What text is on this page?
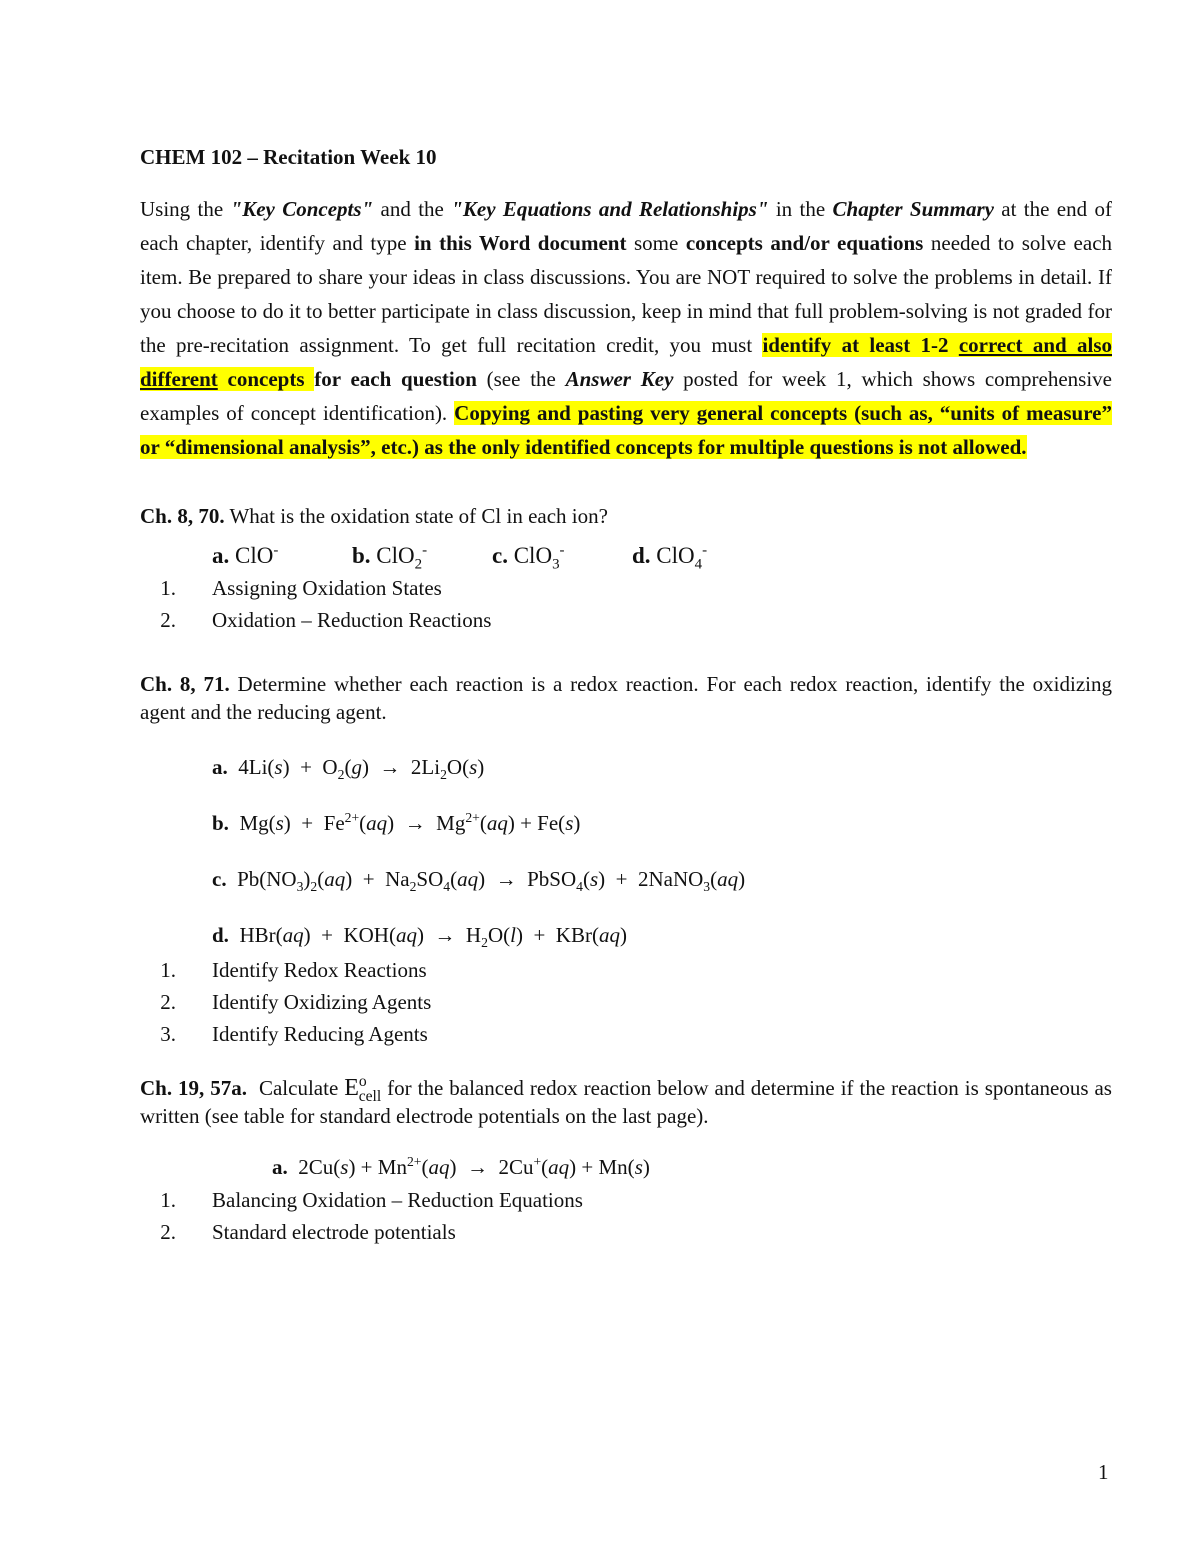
CHEM 102 – Recitation Week 10

Using the "Key Concepts" and the "Key Equations and Relationships" in the Chapter Summary at the end of each chapter, identify and type in this Word document some concepts and/or equations needed to solve each item. Be prepared to share your ideas in class discussions. You are NOT required to solve the problems in detail. If you choose to do it to better participate in class discussion, keep in mind that full problem-solving is not graded for the pre-recitation assignment. To get full recitation credit, you must identify at least 1-2 correct and also different concepts for each question (see the Answer Key posted for week 1, which shows comprehensive examples of concept identification). Copying and pasting very general concepts (such as, “units of measure” or “dimensional analysis”, etc.) as the only identified concepts for multiple questions is not allowed.

Ch. 8, 70. What is the oxidation state of Cl in each ion?

a. ClO-	b. ClO$_2$-	c. ClO$_3$-	d. ClO$_4$-
1.	Assigning Oxidation States
2.	Oxidation – Reduction Reactions

Ch. 8, 71. Determine whether each reaction is a redox reaction. For each redox reaction, identify the oxidizing agent and the reducing agent.

a.  $4Li(s) + O_2(g) \to 2Li_2O(s)$
b.  $Mg(s) + Fe^{2+}(aq) \to Mg^{2+}(aq) + Fe(s)$
c.  $Pb(NO_3)_2(aq) + Na_2SO_4(aq)$  →  PbSO$_4$(s)  +  2NaNO$_3$(aq)
d.  $HBr(aq) + KOH(aq) \to H_2O(l) + KBr(aq)$
1.	Identify Redox Reactions
2.	Identify Oxidizing Agents
3.	Identify Reducing Agents

Ch. 19, 57a.  Calculate $E^o_{cell}$ for the balanced redox reaction below and determine if the reaction is spontaneous as written (see table for standard electrode potentials on the last page).

a.  $2Cu(s) + Mn^{2+}(aq) \to 2Cu^+(aq) + Mn(s)$
1.	Balancing Oxidation – Reduction Equations
2.	Standard electrode potentials
1
